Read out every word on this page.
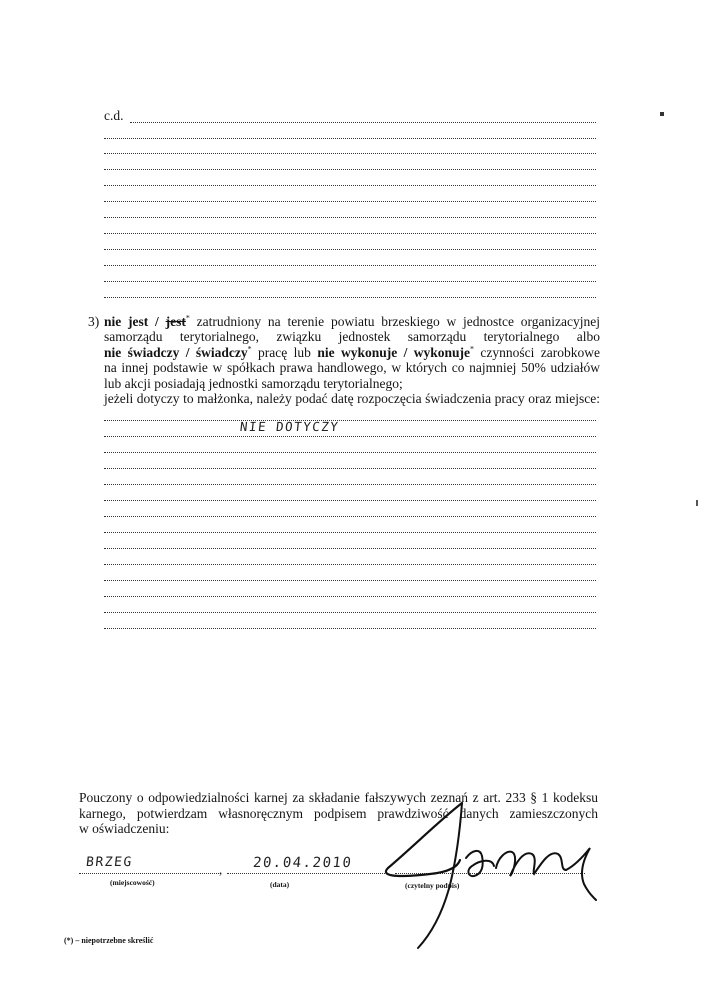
c.d.

3) nie jest / jest* zatrudniony na terenie powiatu brzeskiego w jednostce organizacyjnej

samorządu terytorialnego, związku jednostek samorządu terytorialnego albo

nie świadczy / świadczy* pracę lub nie wykonuje / wykonuje* czynności zarobkowe

na innej podstawie w spółkach prawa handlowego, w których co najmniej 50% udziałów

lub akcji posiadają jednostki samorządu terytorialnego;

jeżeli dotyczy to małżonka, należy podać datę rozpoczęcia świadczenia pracy oraz miejsce:

NIE DOTYCZY
Pouczony o odpowiedzialności karnej za składanie fałszywych zeznań z art. 233 § 1 kodeksu
karnego, potwierdzam własnoręcznym podpisem prawdziwość danych zamieszczonych
w oświadczeniu:
BRZEG	, 20.04.2010
(miejscowość)	(data)	(czytelny podpis)
(*) – niepotrzebne skreślić
